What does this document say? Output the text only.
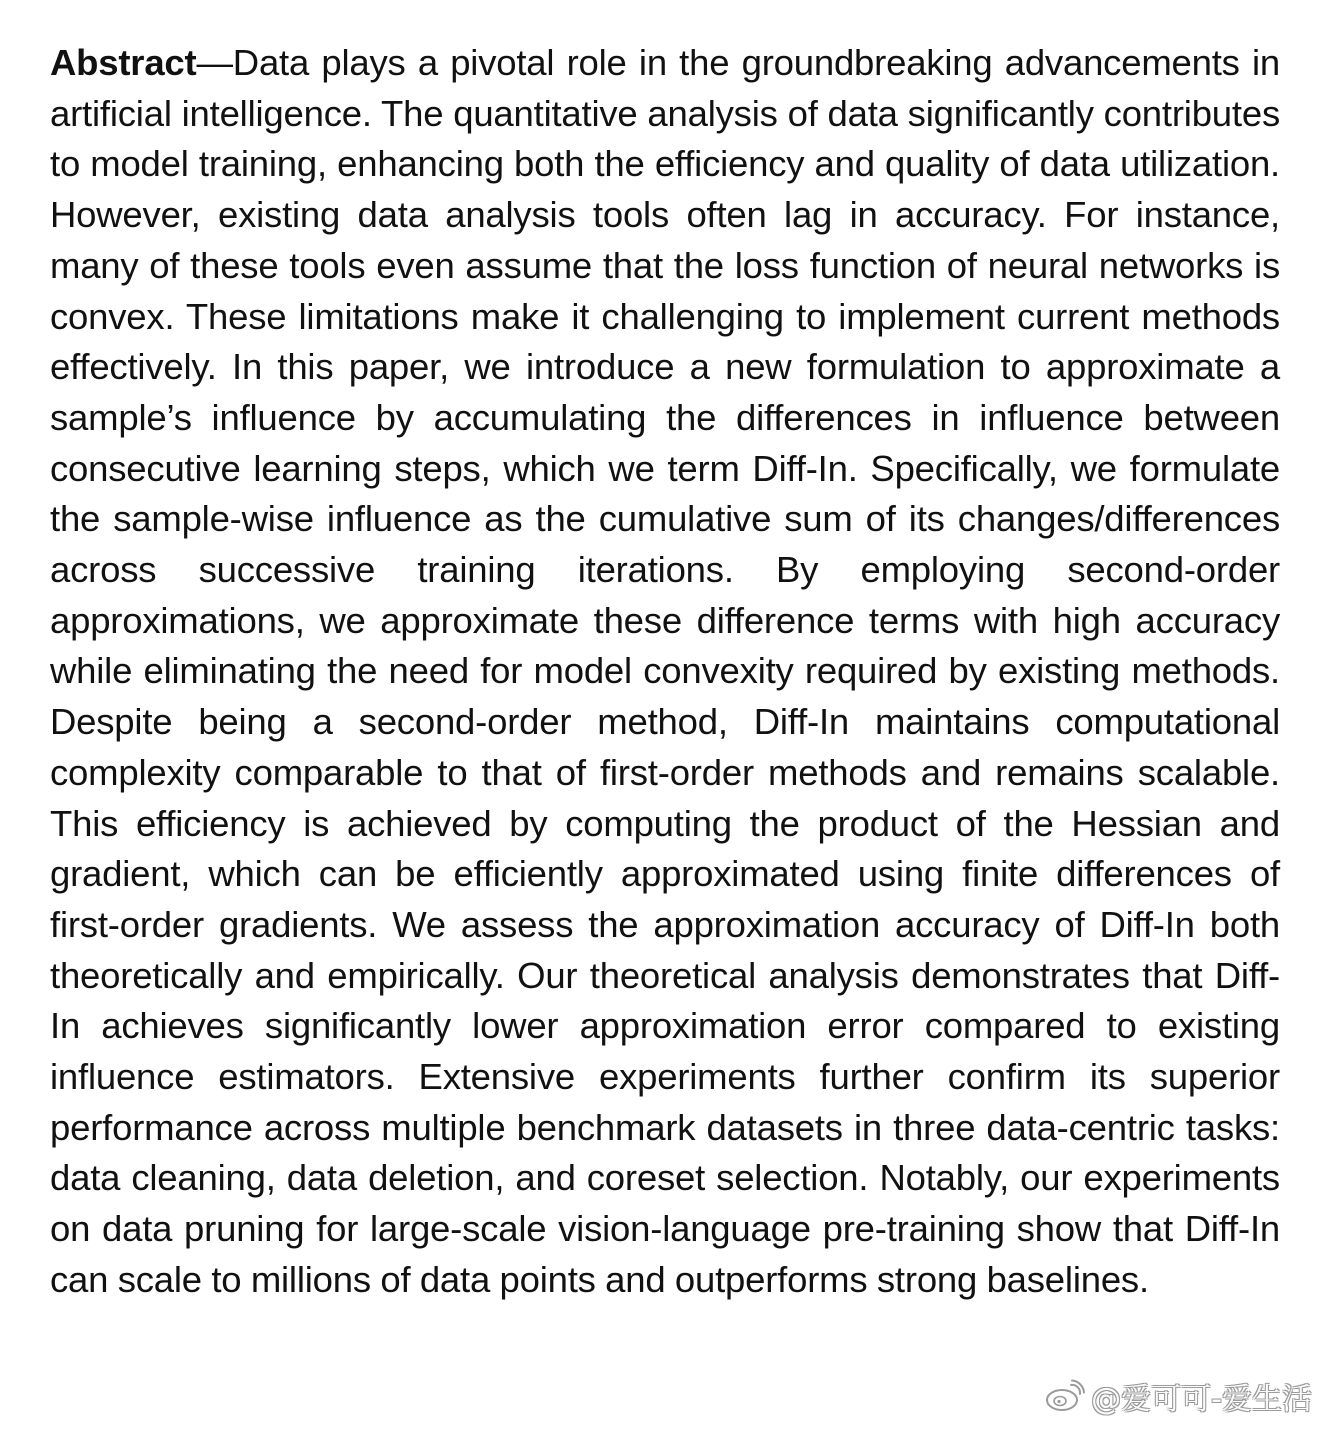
Abstract—Data plays a pivotal role in the groundbreaking advancements in artificial intelligence. The quantitative analysis of data significantly contributes to model training, enhancing both the efficiency and quality of data utilization. However, existing data analysis tools often lag in accuracy. For instance, many of these tools even assume that the loss function of neural networks is convex. These limitations make it challenging to implement current methods effectively. In this paper, we introduce a new formulation to approximate a sample’s influence by accumulating the differences in influence between consecutive learning steps, which we term Diff-In. Specifically, we formulate the sample-wise influence as the cumulative sum of its changes/differences across successive training iterations. By employing second-order approximations, we approximate these difference terms with high accuracy while eliminating the need for model convexity required by existing methods. Despite being a second-order method, Diff-In maintains computational complexity comparable to that of first-order methods and remains scalable. This efficiency is achieved by computing the product of the Hessian and gradient, which can be efficiently approximated using finite differences of first-order gradients. We assess the approximation accuracy of Diff-In both theoretically and empirically. Our theoretical analysis demonstrates that Diff-In achieves significantly lower approximation error compared to existing influence estimators. Extensive experiments further confirm its superior performance across multiple benchmark datasets in three data-centric tasks: data cleaning, data deletion, and coreset selection. Notably, our experiments on data pruning for large-scale vision-language pre-training show that Diff-In can scale to millions of data points and outperforms strong baselines.
@爱可可-爱生活
